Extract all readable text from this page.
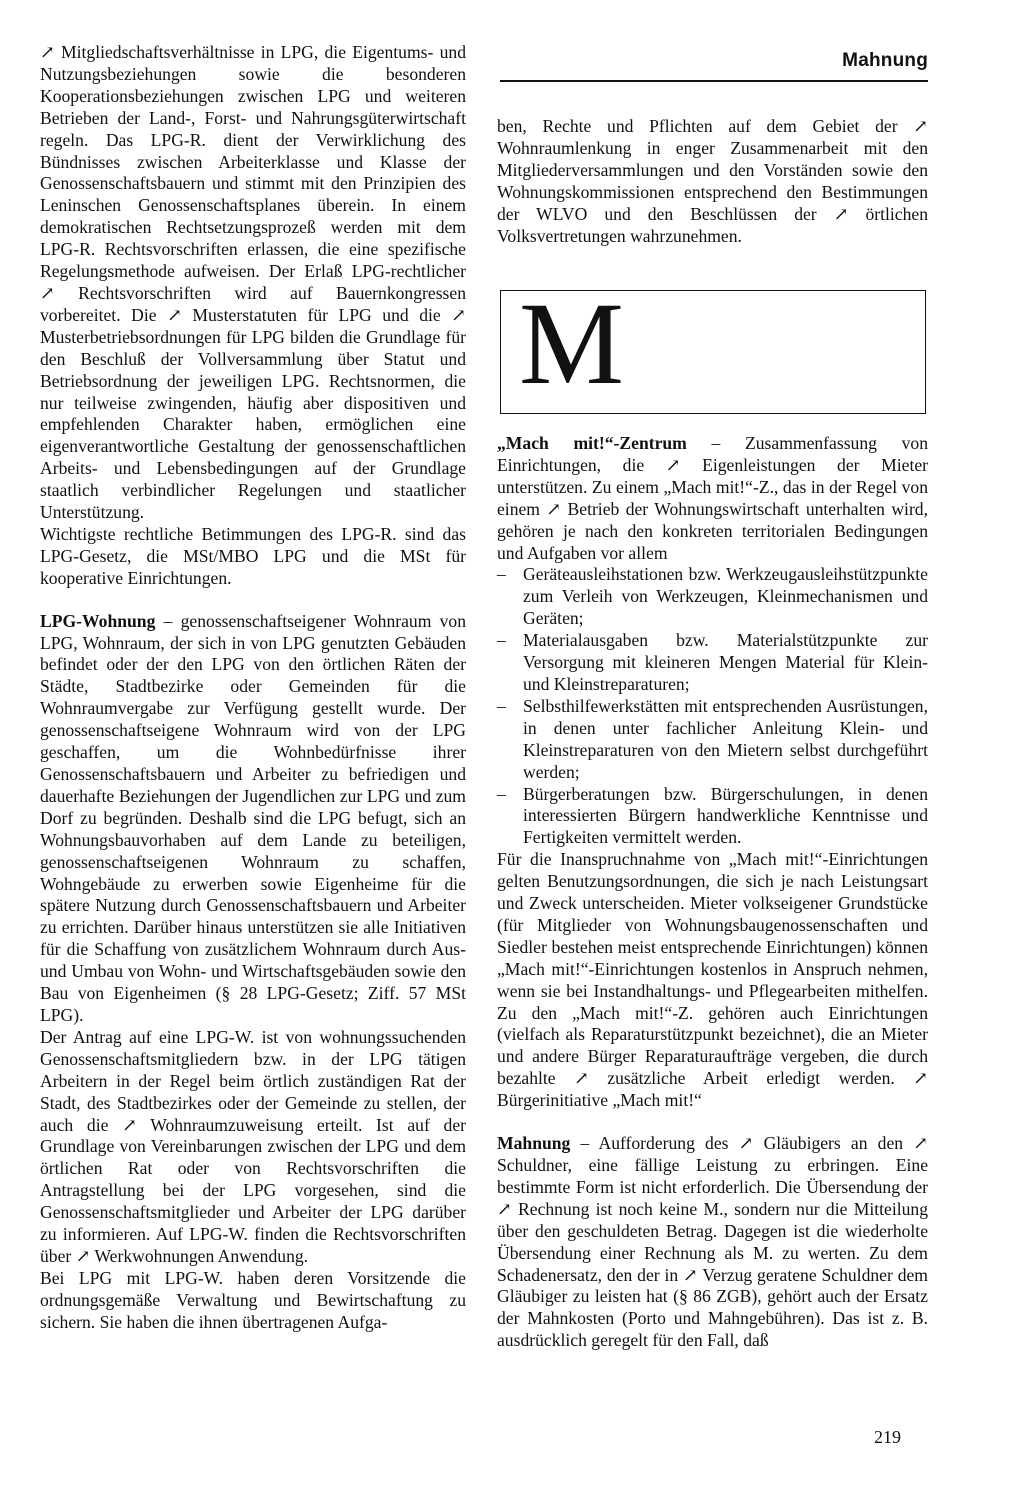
Mahnung

↗ Mitgliedschaftsverhältnisse in LPG, die Eigentums- und Nutzungsbeziehungen sowie die besonderen Kooperationsbeziehungen zwischen LPG und weiteren Betrieben der Land-, Forst- und Nahrungsgüterwirtschaft regeln. Das LPG-R. dient der Verwirklichung des Bündnisses zwischen Arbeiterklasse und Klasse der Genossenschaftsbauern und stimmt mit den Prinzipien des Leninschen Genossenschaftsplanes überein. In einem demokratischen Rechtsetzungsprozeß werden mit dem LPG-R. Rechtsvorschriften erlassen, die eine spezifische Regelungsmethode aufweisen. Der Erlaß LPG-rechtlicher ↗ Rechtsvorschriften wird auf Bauernkongressen vorbereitet. Die ↗ Musterstatuten für LPG und die ↗ Musterbetriebsordnungen für LPG bilden die Grundlage für den Beschluß der Vollversammlung über Statut und Betriebsordnung der jeweiligen LPG. Rechtsnormen, die nur teilweise zwingenden, häufig aber dispositiven und empfehlenden Charakter haben, ermöglichen eine eigenverantwortliche Gestaltung der genossenschaftlichen Arbeits- und Lebensbedingungen auf der Grundlage staatlich verbindlicher Regelungen und staatlicher Unterstützung.

Wichtigste rechtliche Betimmungen des LPG-R. sind das LPG-Gesetz, die MSt/MBO LPG und die MSt für kooperative Einrichtungen.

LPG-Wohnung – genossenschaftseigener Wohnraum von LPG, Wohnraum, der sich in von LPG genutzten Gebäuden befindet oder der den LPG von den örtlichen Räten der Städte, Stadtbezirke oder Gemeinden für die Wohnraumvergabe zur Verfügung gestellt wurde. Der genossenschaftseigene Wohnraum wird von der LPG geschaffen, um die Wohnbedürfnisse ihrer Genossenschaftsbauern und Arbeiter zu befriedigen und dauerhafte Beziehungen der Jugendlichen zur LPG und zum Dorf zu begründen. Deshalb sind die LPG befugt, sich an Wohnungsbauvorhaben auf dem Lande zu beteiligen, genossenschaftseigenen Wohnraum zu schaffen, Wohngebäude zu erwerben sowie Eigenheime für die spätere Nutzung durch Genossenschaftsbauern und Arbeiter zu errichten. Darüber hinaus unterstützen sie alle Initiativen für die Schaffung von zusätzlichem Wohnraum durch Aus- und Umbau von Wohn- und Wirtschaftsgebäuden sowie den Bau von Eigenheimen (§ 28 LPG-Gesetz; Ziff. 57 MSt LPG).

Der Antrag auf eine LPG-W. ist von wohnungssuchenden Genossenschaftsmitgliedern bzw. in der LPG tätigen Arbeitern in der Regel beim örtlich zuständigen Rat der Stadt, des Stadtbezirkes oder der Gemeinde zu stellen, der auch die ↗ Wohnraumzuweisung erteilt. Ist auf der Grundlage von Vereinbarungen zwischen der LPG und dem örtlichen Rat oder von Rechtsvorschriften die Antragstellung bei der LPG vorgesehen, sind die Genossenschaftsmitglieder und Arbeiter der LPG darüber zu informieren. Auf LPG-W. finden die Rechtsvorschriften über ↗ Werkwohnungen Anwendung.

Bei LPG mit LPG-W. haben deren Vorsitzende die ordnungsgemäße Verwaltung und Bewirtschaftung zu sichern. Sie haben die ihnen übertragenen Aufga-

ben, Rechte und Pflichten auf dem Gebiet der ↗ Wohnraumlenkung in enger Zusammenarbeit mit den Mitgliederversammlungen und den Vorständen sowie den Wohnungskommissionen entsprechend den Bestimmungen der WLVO und den Beschlüssen der ↗ örtlichen Volksvertretungen wahrzunehmen.

M

„Mach mit!“-Zentrum – Zusammenfassung von Einrichtungen, die ↗ Eigenleistungen der Mieter unterstützen. Zu einem „Mach mit!“-Z., das in der Regel von einem ↗ Betrieb der Wohnungswirtschaft unterhalten wird, gehören je nach den konkreten territorialen Bedingungen und Aufgaben vor allem

– Geräteausleihstationen bzw. Werkzeugausleihstützpunkte zum Verleih von Werkzeugen, Kleinmechanismen und Geräten;
– Materialausgaben bzw. Materialstützpunkte zur Versorgung mit kleineren Mengen Material für Klein- und Kleinstreparaturen;
– Selbsthilfewerkstätten mit entsprechenden Ausrüstungen, in denen unter fachlicher Anleitung Klein- und Kleinstreparaturen von den Mietern selbst durchgeführt werden;
– Bürgerberatungen bzw. Bürgerschulungen, in denen interessierten Bürgern handwerkliche Kenntnisse und Fertigkeiten vermittelt werden.

Für die Inanspruchnahme von „Mach mit!“-Einrichtungen gelten Benutzungsordnungen, die sich je nach Leistungsart und Zweck unterscheiden. Mieter volkseigener Grundstücke (für Mitglieder von Wohnungsbaugenossenschaften und Siedler bestehen meist entsprechende Einrichtungen) können „Mach mit!“-Einrichtungen kostenlos in Anspruch nehmen, wenn sie bei Instandhaltungs- und Pflegearbeiten mithelfen. Zu den „Mach mit!“-Z. gehören auch Einrichtungen (vielfach als Reparaturstützpunkt bezeichnet), die an Mieter und andere Bürger Reparaturaufträge vergeben, die durch bezahlte ↗ zusätzliche Arbeit erledigt werden. ↗ Bürgerinitiative „Mach mit!“

Mahnung – Aufforderung des ↗ Gläubigers an den ↗ Schuldner, eine fällige Leistung zu erbringen. Eine bestimmte Form ist nicht erforderlich. Die Übersendung der ↗ Rechnung ist noch keine M., sondern nur die Mitteilung über den geschuldeten Betrag. Dagegen ist die wiederholte Übersendung einer Rechnung als M. zu werten. Zu dem Schadenersatz, den der in ↗ Verzug geratene Schuldner dem Gläubiger zu leisten hat (§ 86 ZGB), gehört auch der Ersatz der Mahnkosten (Porto und Mahngebühren). Das ist z. B. ausdrücklich geregelt für den Fall, daß

219
